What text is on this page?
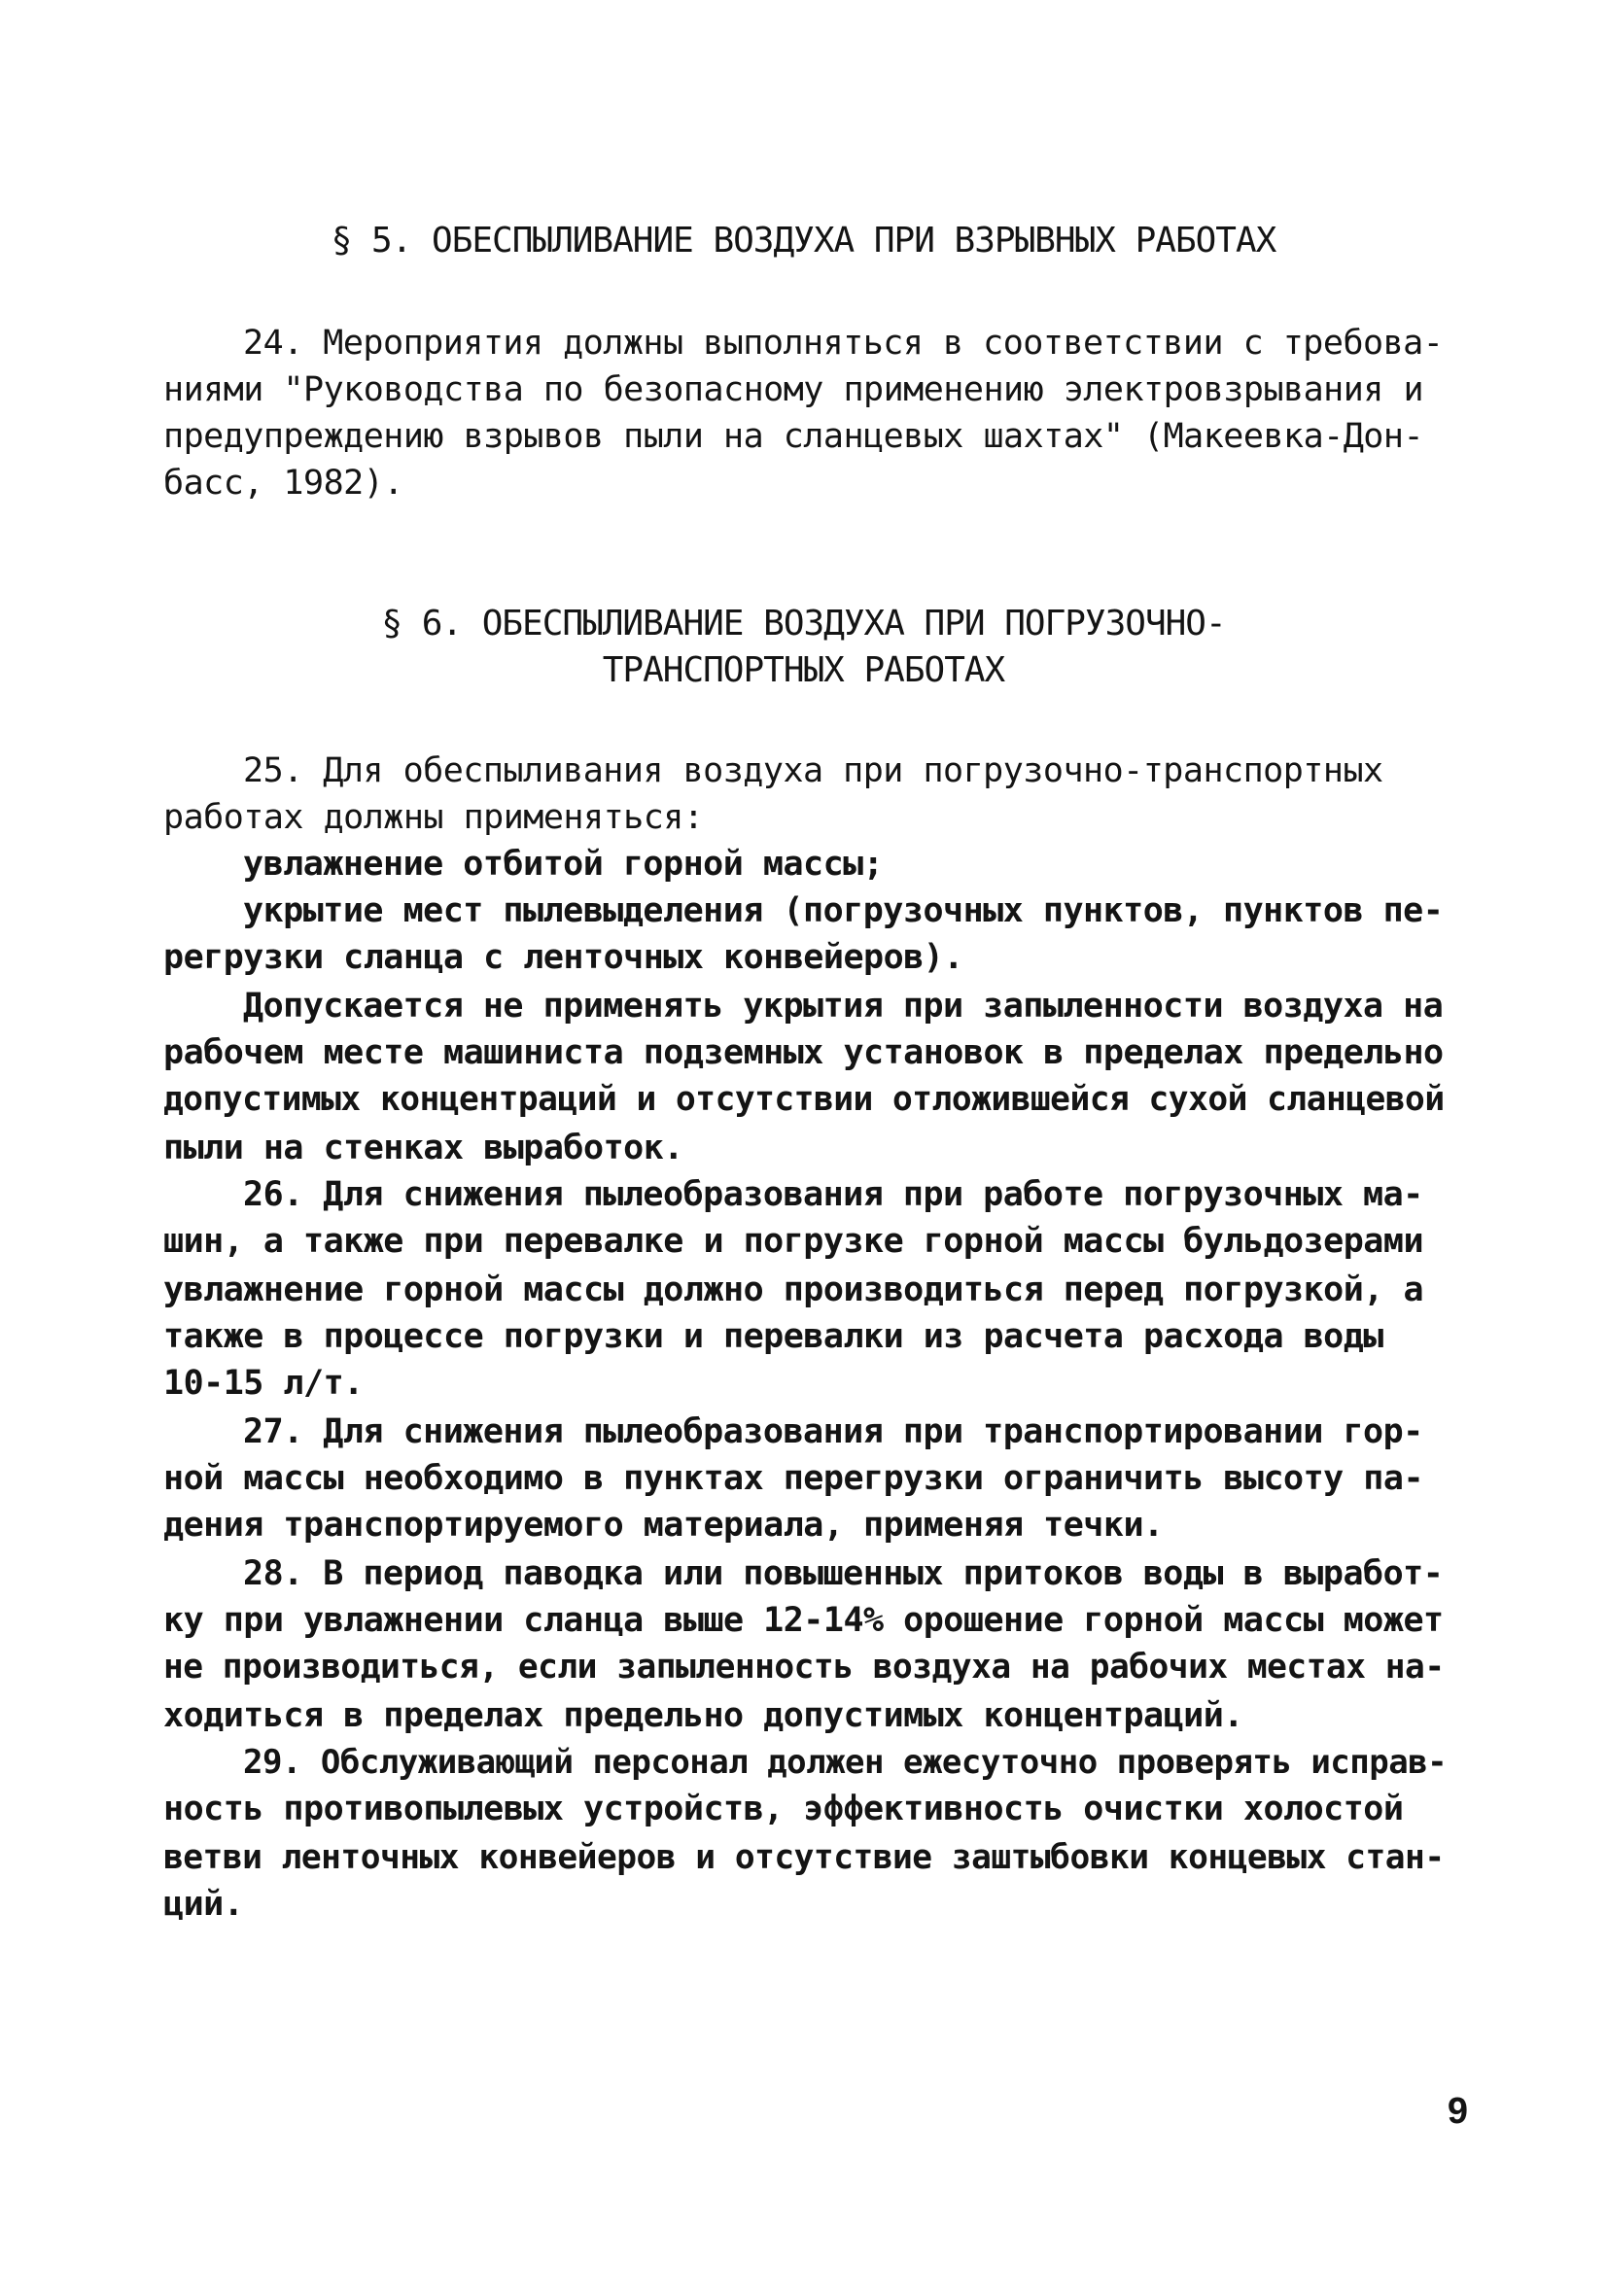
§ 5. ОБЕСПЫЛИВАНИЕ ВОЗДУХА ПРИ ВЗРЫВНЫХ РАБОТАХ
24. Мероприятия должны выполняться в соответствии с требова-
ниями "Руководства по безопасному применению электровзрывания и
предупреждению взрывов пыли на сланцевых шахтах" (Макеевка-Дон-
басс, 1982).
§ 6. ОБЕСПЫЛИВАНИЕ ВОЗДУХА ПРИ ПОГРУЗОЧНО-
ТРАНСПОРТНЫХ РАБОТАХ
25. Для обеспыливания воздуха при погрузочно-транспортных
работах должны применяться:
увлажнение отбитой горной массы;
укрытие мест пылевыделения (погрузочных пунктов, пунктов пе-
регрузки сланца с ленточных конвейеров).
Допускается не применять укрытия при запыленности воздуха на
рабочем месте машиниста подземных установок в пределах предельно
допустимых концентраций и отсутствии отложившейся сухой сланцевой
пыли на стенках выработок.
26. Для снижения пылеобразования при работе погрузочных ма-
шин, а также при перевалке и погрузке горной массы бульдозерами
увлажнение горной массы должно производиться перед погрузкой, а
также в процессе погрузки и перевалки из расчета расхода воды
10-15 л/т.
27. Для снижения пылеобразования при транспортировании гор-
ной массы необходимо в пунктах перегрузки ограничить высоту па-
дения транспортируемого материала, применяя течки.
28. В период паводка или повышенных притоков воды в выработ-
ку при увлажнении сланца выше 12-14% орошение горной массы может
не производиться, если запыленность воздуха на рабочих местах на-
ходиться в пределах предельно допустимых концентраций.
29. Обслуживающий персонал должен ежесуточно проверять исправ-
ность противопылевых устройств, эффективность очистки холостой
ветви ленточных конвейеров и отсутствие заштыбовки концевых стан-
ций.
9
